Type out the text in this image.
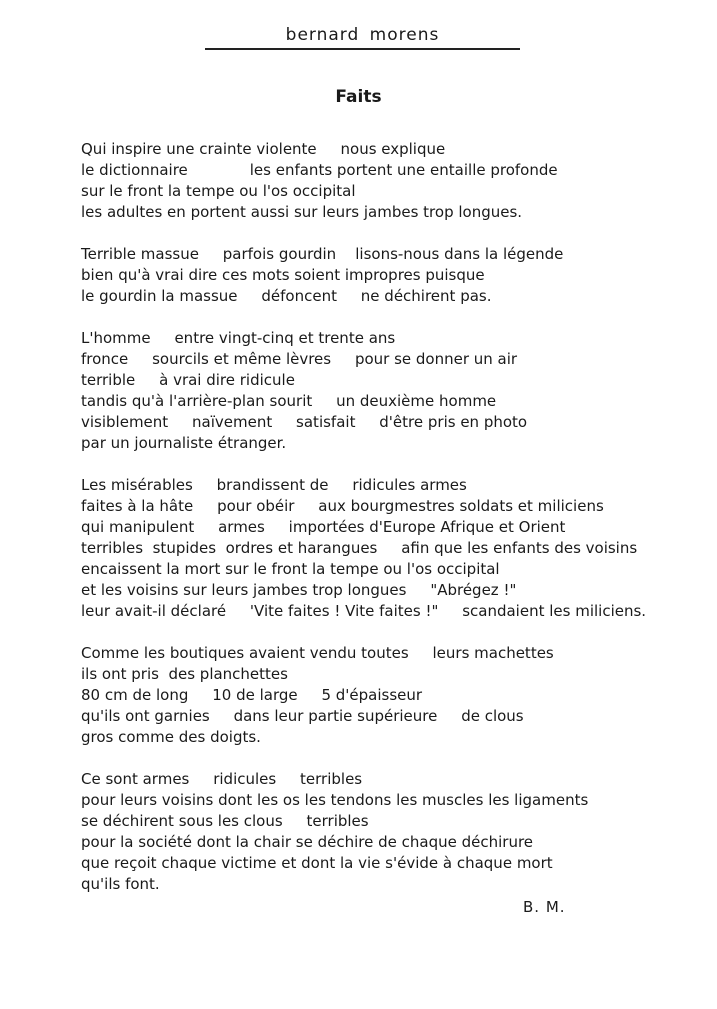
bernard morens
Faits
Qui inspire une crainte violente     nous explique
le dictionnaire             les enfants portent une entaille profonde
sur le front la tempe ou l'os occipital
les adultes en portent aussi sur leurs jambes trop longues.
Terrible massue     parfois gourdin    lisons-nous dans la légende
bien qu'à vrai dire ces mots soient impropres puisque
le gourdin la massue     défoncent     ne déchirent pas.
L'homme     entre vingt-cinq et trente ans
fronce     sourcils et même lèvres     pour se donner un air
terrible     à vrai dire ridicule
tandis qu'à l'arrière-plan sourit     un deuxième homme
visiblement     naïvement     satisfait     d'être pris en photo
par un journaliste étranger.
Les misérables     brandissent de     ridicules armes
faites à la hâte     pour obéir     aux bourgmestres soldats et miliciens
qui manipulent     armes     importées d'Europe Afrique et Orient
terribles  stupides  ordres et harangues     afin que les enfants des voisins
encaissent la mort sur le front la tempe ou l'os occipital
et les voisins sur leurs jambes trop longues     "Abrégez !"
leur avait-il déclaré     'Vite faites ! Vite faites !"     scandaient les miliciens.
Comme les boutiques avaient vendu toutes     leurs machettes
ils ont pris  des planchettes
80 cm de long     10 de large     5 d'épaisseur
qu'ils ont garnies     dans leur partie supérieure     de clous
gros comme des doigts.
Ce sont armes     ridicules     terribles
pour leurs voisins dont les os les tendons les muscles les ligaments
se déchirent sous les clous     terribles
pour la société dont la chair se déchire de chaque déchirure
que reçoit chaque victime et dont la vie s'évide à chaque mort
qu'ils font.
B. M.
